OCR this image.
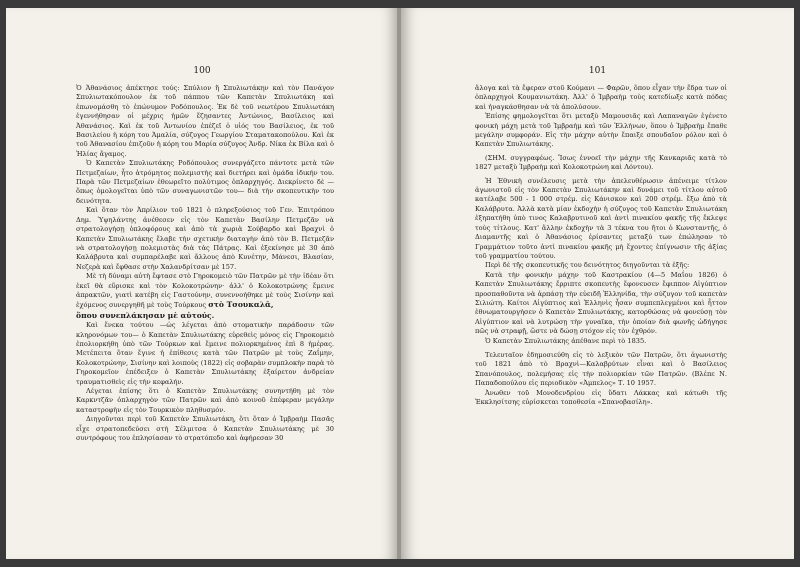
100

Ὁ Ἀθανάσιος ἀπέκτησε τούς: Σπύλιον ἢ Σπυλιωτάκην καὶ τὸν Πανάγον Σπυλιωτακόπουλον ἐκ τοῦ πάππου τῶν Καπετὰν Σπυλιωτάκη καὶ ἐπωνομάσθη τὸ ἐπώνυμον Ροδόπουλος. Ἐκ δὲ τοῦ νεωτέρου Σπυλιωτάκη ἐγεννήθησαν οἱ μέχρις ἡμῶν ἔζησαντες Ἀντώνιος, Βασίλειος καὶ Ἀθανάσιος. Καὶ ἐκ τοῦ Ἀντωνίου ἐπέζεῖ ὁ υἱός του Βασίλειος, ἐκ τοῦ Βασιλείου ἡ κόρη του Ἀμαλία, σύζυγος Γεωργίου Σταματακοπούλου. Καὶ ἐκ τοῦ Ἀθανασίου ἐπιζοῦν ἡ κόρη του Μαρία σύζυγος Ἀνδρ. Νίκα ἐκ Βίλα καὶ ὁ Ἠλίας ἄγαμος.

Ὁ Καπετὰν Σπυλιωτάκης Ροδόπουλος συνεργάζετο πάντοτε μετὰ τῶν Πετμεζαίων, ἦτο ἀτρόμητος πολεμιστὴς καὶ διετήρει καὶ ὁμάδα ἰδικήν του. Παρὰ τῶν Πετμεζαίων ἐθεωρεῖτο πολύτιμος ὁπλαρχηγός. Διεκρίνετο δὲ —ὅπως ὁμολογεῖται ὑπὸ τῶν συναγωνιστῶν του— διὰ τὴν σκοπευτικὴν του δεινότητα.

Καὶ ὅταν τὸν Ἀπρίλιον τοῦ 1821 ὁ πληρεξούσιος τοῦ Γεν. Ἐπιτρόπου Δημ. Ὑψηλάντης ἀνέθεσεν εἰς τὸν Καπετὰν Βασίλην Πετμεζᾶν νὰ στρατολογήσῃ ὁπλοφόρους καὶ ἀπὸ τὰ χωριὰ Σούβαρδο καὶ Βραχνὶ ὁ Καπετὰν Σπυλιωτάκης ἔλαβε τὴν σχετικὴν διαταγὴν ἀπὸ τὸν Β. Πετμεζᾶν νὰ στρατολογήσῃ πολεμιστὰς διὰ τὰς Πάτρας. Καὶ ἐξεκίνησε μὲ 30 ἀπὸ Καλάβρυτα καὶ συμπαρέλαβε καὶ ἄλλους ἀπὸ Κυνέτην, Μάνεσι, Βλασίαν, Νεζερὰ καὶ ἔφθασε στὴν Χαλανδρίτσαν μὲ 157.

Μὲ τὴ δύναμι αὐτὴ ἔφτασε στὸ Γηροκομειὸ τῶν Πατρῶν μὲ τὴν ἰδέαν ὅτι ἐκεῖ θὰ εὕρισκε καὶ τὸν Κολοκοτρώνην· ἀλλ' ὁ Κολοκοτρώνης ἔμεινε ἀπρακτῶν, γιατὶ κατέβη εἰς Γαστούνην, συνεννοήθηκε μὲ τοὺς Σισίνην καὶ ἐχόμενος συνεργηθῆ μὲ τοὺς Τούρκους στὸ Τσουκαλᾶ,
ὅπου συνεπλάκησαν μὲ αὐτούς.

Καὶ ἕνεκα τούτου —ὡς λέγεται ἀπὸ στοματικὴν παράδοσιν τῶν κληρονόμων του— ὁ Καπετὰν Σπυλιωτάκης εὑρεθεὶς μόνος εἰς Γηροκομειὸ ἐπολιορκήθη ὑπὸ τῶν Τούρκων καὶ ἔμεινε πολιορκημένος ἐπὶ 8 ἡμέρας. Μετέπειτα ὅταν ἔγινε ἡ ἐπίθεσις κατὰ τῶν Πατρῶν μὲ τοὺς Ζαΐμην, Κολοκοτρώνην, Σισίνην καὶ λοιποὺς (1822) εἰς σοβαρὰν συμπλοκὴν παρὰ τὸ Γηροκομεῖον ἐπέδειξεν ὁ Καπετὰν Σπυλιωτάκης ἐξαίρετον ἀνδρείαν τραυματισθεὶς εἰς τὴν κεφαλήν.

Λέγεται ἐπίσης ὅτι ὁ Καπετὰν Σπυλιωτάκης συνηντήθη μὲ τὸν Καρκντζᾶν ὁπλαρχηγὸν τῶν Πατρῶν καὶ ἀπὸ κοινοῦ ἐπέφεραν μεγάλην καταστροφὴν εἰς τὸν Τουρκικὸν πληθυσμόν.

Διηγοῦνται περὶ τοῦ Καπετὰν Σπυλιωτάκη, ὅτι ὅταν ὁ Ἰμβραὴμ Πασᾶς εἶχε στρατοπεδεύσει στὴ Σέλμιτσα ὁ Καπετὰν Σπυλιωτάκης μὲ 30 συντρόφους του ἐπλησίασαν τὸ στρατόπεδο καὶ ἀφήρεσαν 30

101

ἄλογα καὶ τὰ ἔφεραν στοῦ Κούμανι — Φαρῶν, ὅπου εἶχαν τὴν ἕδρα των οἱ ὁπλαρχηγοὶ Κουμανιωτάκη. Ἀλλ' ὁ Ἰμβραὴμ τοὺς κατεδίωξε κατὰ πόδας καὶ ἠναγκάσθησαν νὰ τὰ ἀπολύσουν.

Ἐπίσης φημολογεῖται ὅτι μεταξὺ Μαμουσιᾶς καὶ Λαπαναγῶν ἐγένετο φονικὴ μάχη μετὰ τοῦ Ἰμβραὴμ καὶ τῶν Ἑλλήνων, ὅπου ὁ Ἰμβραὴμ ἔπαθε μεγάλην συμφοράν. Εἰς τὴν μάχην αὐτὴν ἔπαιξε σπουδαῖον ρόλον καὶ ὁ Καπετὰν Σπυλιωτάκης.

(ΣΗΜ. συγγραφέως. Ἴσως ἐννοεῖ τὴν μάχην τῆς Κανκαριᾶς κατὰ τὸ 1827 μεταξὺ Ἰμβραὴμ καὶ Κολοκοτρώνη καὶ Λόντου).

Ἡ Ἐθνικὴ συνέλευσις μετὰ τὴν ἀπελευθέρωσιν ἀπένειμε τίτλον ἀγωνιστοῦ εἰς τὸν Καπετὰν Σπυλιωτάκην καὶ δυνάμει τοῦ τίτλου αὐτοῦ κατέλαβε 500 - 1 000 στρέμ. εἰς Κάνισκον καὶ 200 στρέμ. ἔξω ἀπὸ τὰ Καλάβρυτα. Ἀλλὰ κατὰ μίαν ἐκδοχὴν ἡ σύζυγος τοῦ Καπετὰν Σπυλιωτάκη ἐξηπατήθη ὑπὸ τινος Καλαβρυτινοῦ καὶ ἀντὶ πινακίου φακῆς τῆς ἔκλεψε τοὺς τίτλους. Κατ' ἄλλην ἐκδοχὴν τὰ 3 τέκνα του ἤτοι ὁ Κωνσταντῆς, ὁ Διαμαντῆς καὶ ὁ Ἀθανάσιος ἐρίσαντες μεταξύ των ἐπώλησαν τὸ Γραμμάτιον τοῦτο ἀντὶ πινακίου φακῆς μὴ ἔχοντες ἐπίγνωσιν τῆς ἀξίας τοῦ γραμματίου τούτου.

Περὶ δὲ τῆς σκοπευτικῆς του δεινότητος διηγοῦνται τὰ ἑξῆς:

Κατὰ τὴν φονικὴν μάχην τοῦ Καστρακίου (4—5 Μαΐου 1826) ὁ Καπετὰν Σπυλιωτάκης ἔρριπτε σκοπευτὴς ἔφονευσεν ἔφιππον Αἰγύπτιον προσπαθοῦντα νὰ ἁρπάσῃ τὴν εὐειδῆ Ἑλληνίδα, τὴν σύζυγον τοῦ καπετὰν Σιλιώτη. Καίτοι Αἰγύπτιος καὶ Ἑλληνὶς ἦσαν συμπεπλεγμένοι καὶ ἦττον ἐθνωματουργήσεν ὁ Καπετὰν Σπυλιωτάκης, κατορθώσας νὰ φονεύσῃ τὸν Αἰγύπτιον καὶ νὰ λυτρώσῃ τὴν γυναῖκα, τὴν ὁποίαν διὰ φωνῆς ὡδήγησε πῶς νὰ στραφῇ, ὥστε νὰ δώσῃ στόχον εἰς τὸν ἐχθρόν.

Ὁ Καπετὰν Σπυλιωτάκης ἀπέθανε περὶ τὸ 1835.

Τελευταῖον ἐδημοσιεύθη εἰς τὸ λεξικὸν τῶν Πατρῶν, ὅτι ἀγωνιστὴς τοῦ 1821 ἀπὸ τὸ Βραχνὶ—Καλαβρύτων εἶναι καὶ ὁ Βασίλειος Σπανόπουλος, πολεμήσας εἰς τὴν πολιορκίαν τῶν Πατρῶν. (Βλέπε Ν. Παπαδοπούλου εἰς περιοδικὸν «Ἀμπελος» Τ. 10 1957.

Ἀνωθεν τοῦ Μονοδενδρίου εἰς ὕδατι Λάκκας καὶ κάτωθι τῆς Ἐκκλησίτσης εὑρίσκεται τοποθεσία «Σπανοβασίλη».
